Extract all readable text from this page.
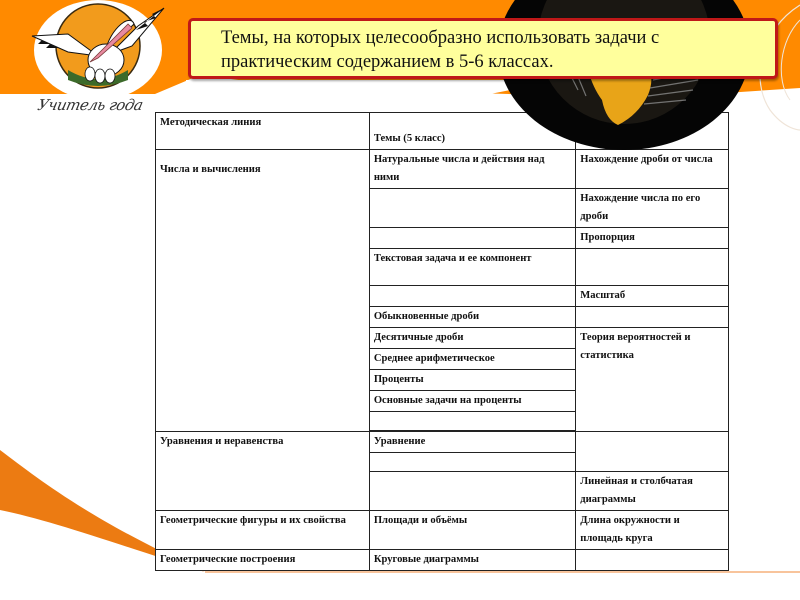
Учитель года
Темы, на которых целесообразно использовать задачи с
практическим содержанием в 5-6 классах.
Методическая линия	Темы (5 класс)	

Числа и вычисления	Натуральные числа и действия над ними	Нахождение дроби от числа
		Нахождение числа по его дроби
		Пропорция
	Текстовая задача и ее компонент	
		Масштаб
	Обыкновенные дроби	
	Десятичные дроби	Теория вероятностей и статистика
	Среднее арифметическое	
	Проценты	
	Основные задачи на проценты	

Уравнения и неравенства	Уравнение	

		Линейная и столбчатая диаграммы
Геометрические фигуры и их свойства	Площади и объёмы	Длина окружности и площадь круга
Геометрические построения	Круговые диаграммы	
